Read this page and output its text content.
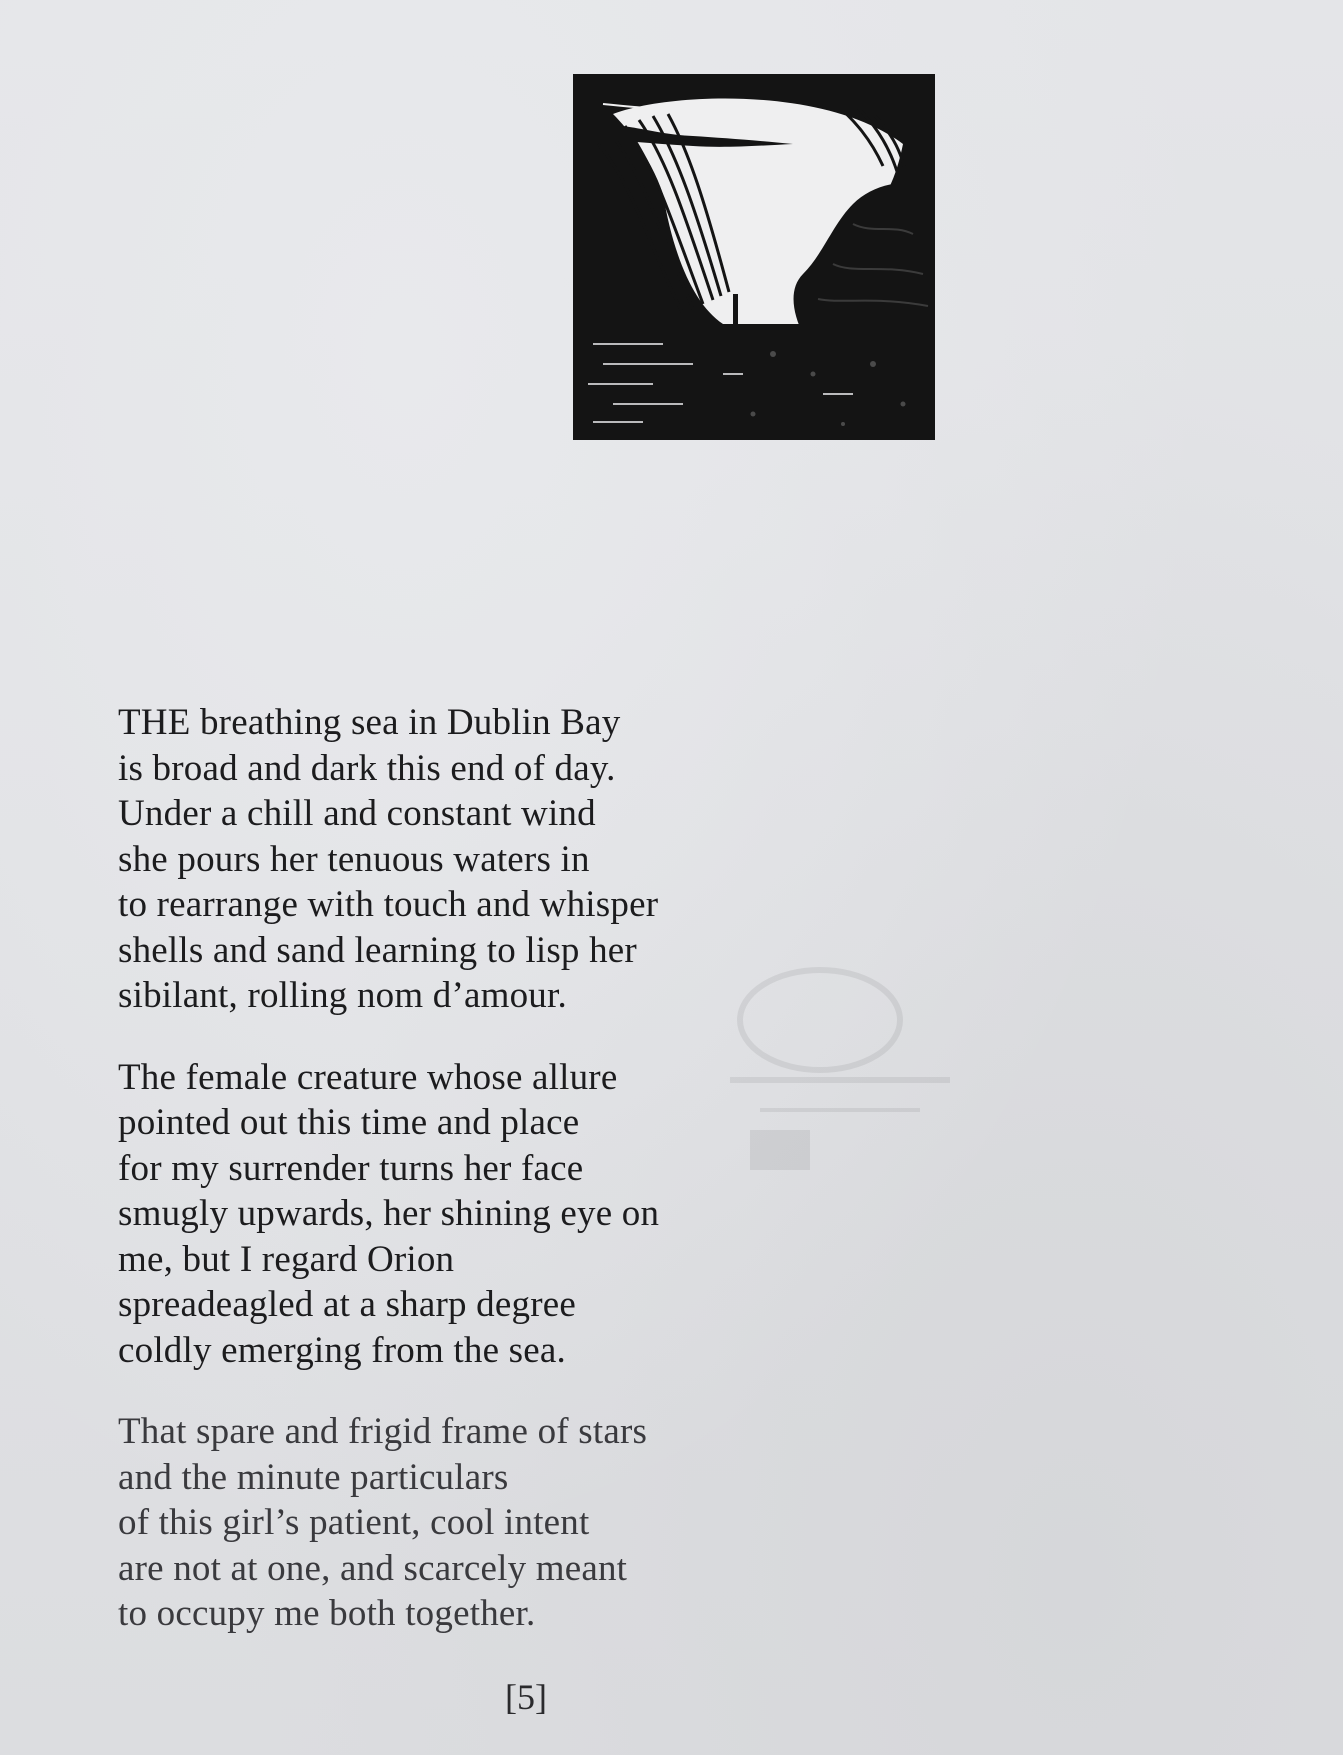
THE breathing sea in Dublin Bay
is broad and dark this end of day.
Under a chill and constant wind
she pours her tenuous waters in
to rearrange with touch and whisper
shells and sand learning to lisp her
sibilant, rolling nom d’amour.
The female creature whose allure
pointed out this time and place
for my surrender turns her face
smugly upwards, her shining eye on
me, but I regard Orion
spreadeagled at a sharp degree
coldly emerging from the sea.
That spare and frigid frame of stars
and the minute particulars
of this girl’s patient, cool intent
are not at one, and scarcely meant
to occupy me both together.
[5]
